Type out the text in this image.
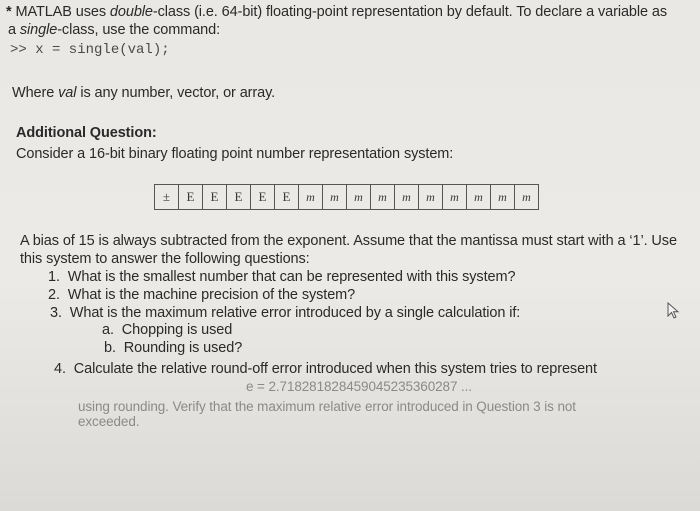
* MATLAB uses double-class (i.e. 64-bit) floating-point representation by default. To declare a variable as
a single-class, use the command:
>> x = single(val);
Where val is any number, vector, or array.
Additional Question:
Consider a 16-bit binary floating point number representation system:
±	E	E	E	E	E	m	m	m	m	m	m	m	m	m	m
A bias of 15 is always subtracted from the exponent. Assume that the mantissa must start with a ‘1’. Use
this system to answer the following questions:
1. What is the smallest number that can be represented with this system?
2. What is the machine precision of the system?
3. What is the maximum relative error introduced by a single calculation if:
a. Chopping is used
b. Rounding is used?
4. Calculate the relative round-off error introduced when this system tries to represent
e = 2.718281828459045235360287 ...
using rounding. Verify that the maximum relative error introduced in Question 3 is not
exceeded.
